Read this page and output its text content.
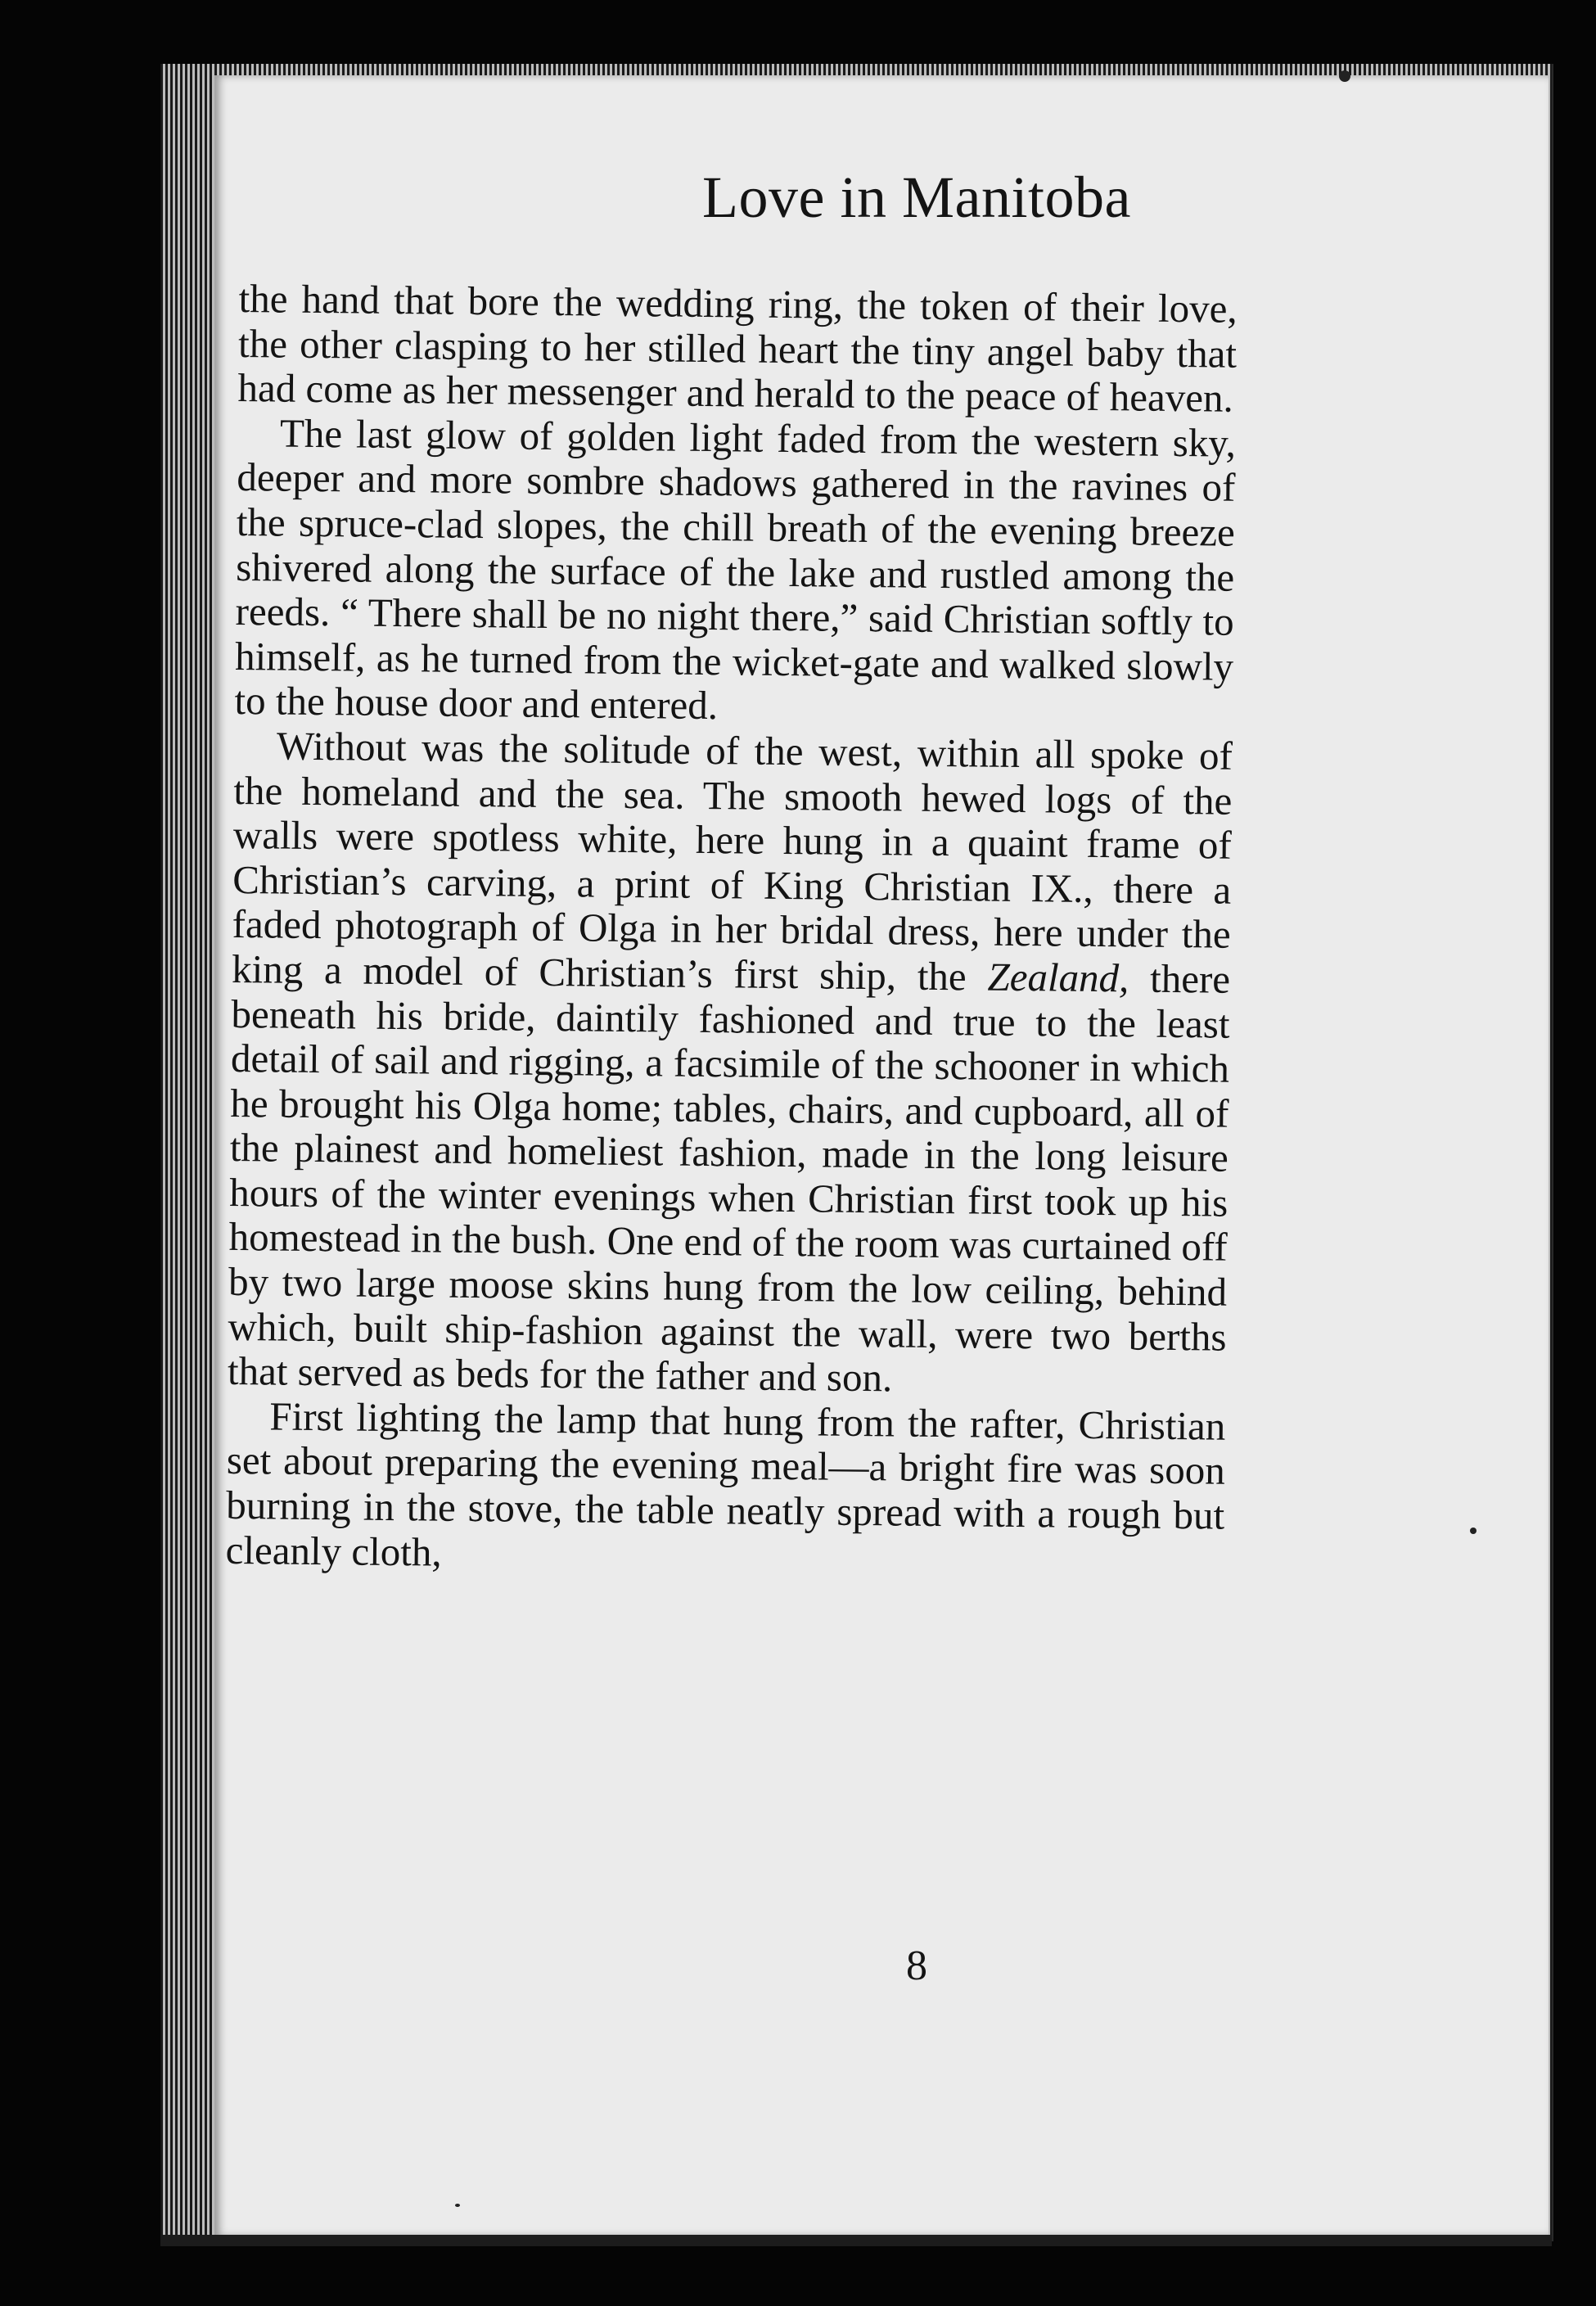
Love in Manitoba

the hand that bore the wedding ring, the token of their love, the other clasping to her stilled heart the tiny angel baby that had come as her messenger and herald to the peace of heaven.

The last glow of golden light faded from the western sky, deeper and more sombre shadows gathered in the ravines of the spruce-clad slopes, the chill breath of the evening breeze shivered along the surface of the lake and rustled among the reeds. “ There shall be no night there,” said Christian softly to himself, as he turned from the wicket-gate and walked slowly to the house door and entered.

Without was the solitude of the west, within all spoke of the homeland and the sea. The smooth hewed logs of the walls were spotless white, here hung in a quaint frame of Christian’s carving, a print of King Christian IX., there a faded photograph of Olga in her bridal dress, here under the king a model of Christian’s first ship, the Zealand, there beneath his bride, daintily fashioned and true to the least detail of sail and rigging, a facsimile of the schooner in which he brought his Olga home; tables, chairs, and cupboard, all of the plainest and homeliest fashion, made in the long leisure hours of the winter evenings when Christian first took up his homestead in the bush. One end of the room was curtained off by two large moose skins hung from the low ceiling, behind which, built ship-fashion against the wall, were two berths that served as beds for the father and son.

First lighting the lamp that hung from the rafter, Christian set about preparing the evening meal—a bright fire was soon burning in the stove, the table neatly spread with a rough but cleanly cloth,

8
